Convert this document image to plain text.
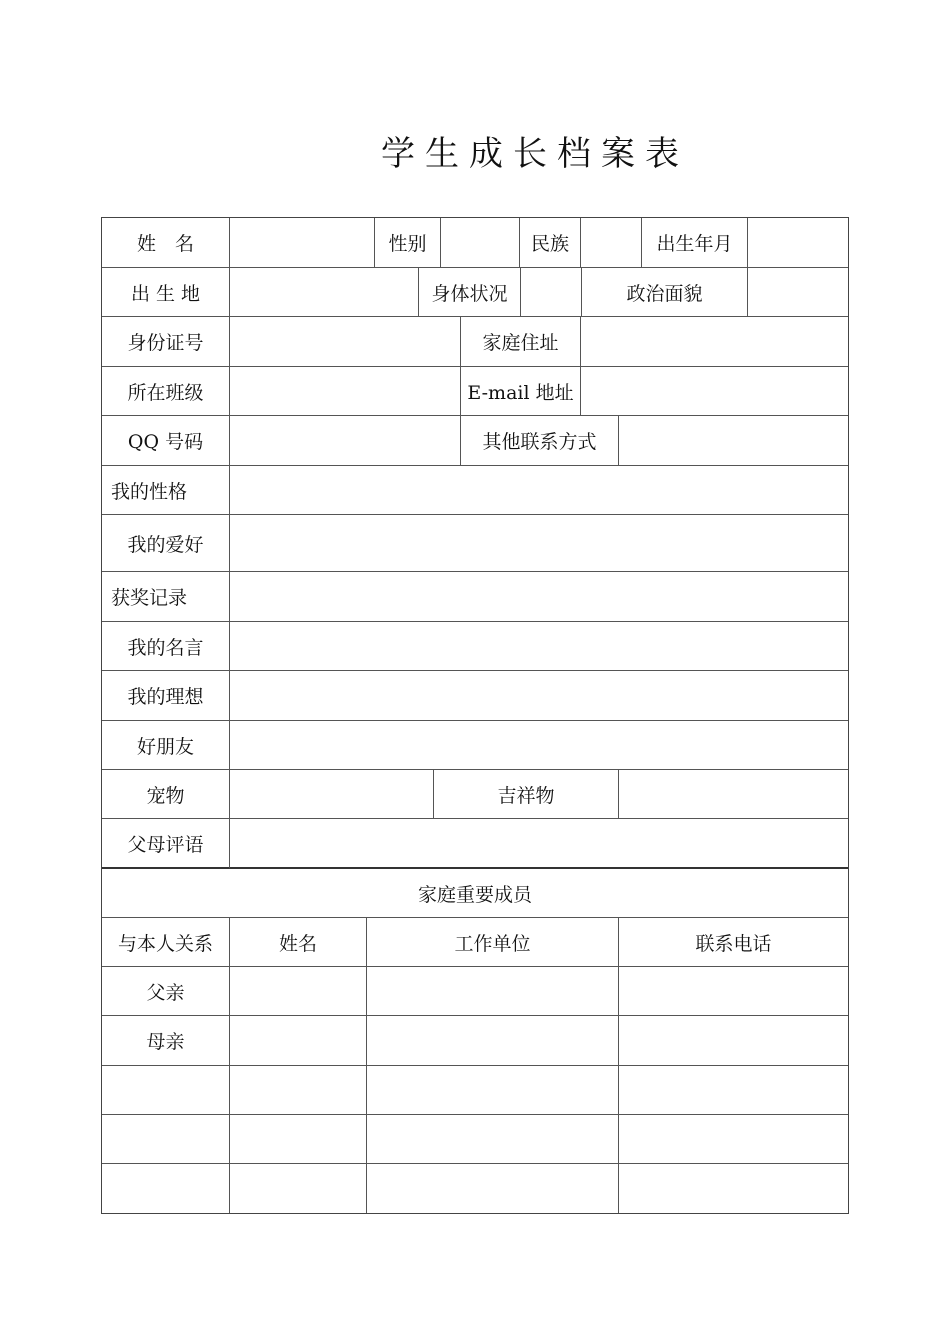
学生成长档案表
姓　名	性别	民族	出生年月
出 生 地	身体状况	政治面貌
身份证号	家庭住址
所在班级	E-mail 地址
QQ 号码	其他联系方式
我的性格
我的爱好
获奖记录
我的名言
我的理想
好朋友
宠物	吉祥物
父母评语
家庭重要成员
与本人关系	姓名	工作单位	联系电话
父亲
母亲
